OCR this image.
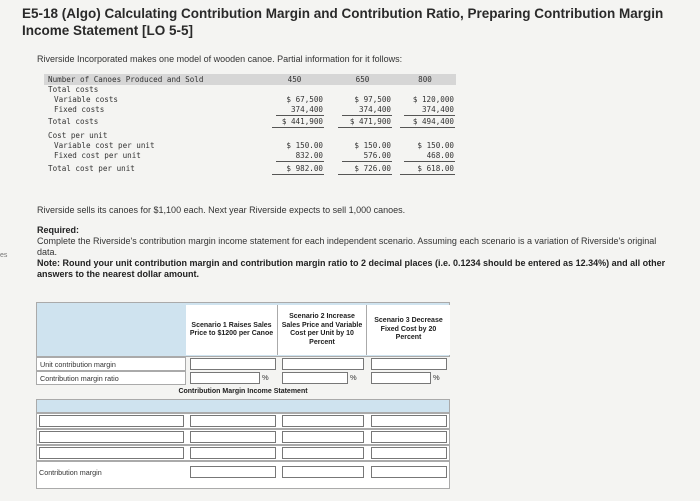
E5-18 (Algo) Calculating Contribution Margin and Contribution Ratio, Preparing Contribution Margin Income Statement [LO 5-5]
es
Riverside Incorporated makes one model of wooden canoe. Partial information for it follows:
Number of Canoes Produced and Sold	450	650	800
Total costs
Variable costs	$ 67,500	$ 97,500	$ 120,000
Fixed costs	374,400	374,400	374,400
Total costs	$ 441,900	$ 471,900	$ 494,400
Cost per unit
Variable cost per unit	$ 150.00	$ 150.00	$ 150.00
Fixed cost per unit	832.00	576.00	468.00
Total cost per unit	$ 982.00	$ 726.00	$ 618.00
Riverside sells its canoes for $1,100 each. Next year Riverside expects to sell 1,000 canoes.
Required:
Complete the Riverside's contribution margin income statement for each independent scenario. Assuming each scenario is a variation of Riverside's original data.
Note: Round your unit contribution margin and contribution margin ratio to 2 decimal places (i.e. 0.1234 should be entered as 12.34%) and all other answers to the nearest dollar amount.
Scenario 1 Raises Sales Price to $1200 per Canoe
Scenario 2 Increase Sales Price and Variable Cost per Unit by 10 Percent
Scenario 3 Decrease Fixed Cost by 20 Percent
Unit contribution margin
Contribution margin ratio	%	%	%
Contribution Margin Income Statement
Contribution margin
